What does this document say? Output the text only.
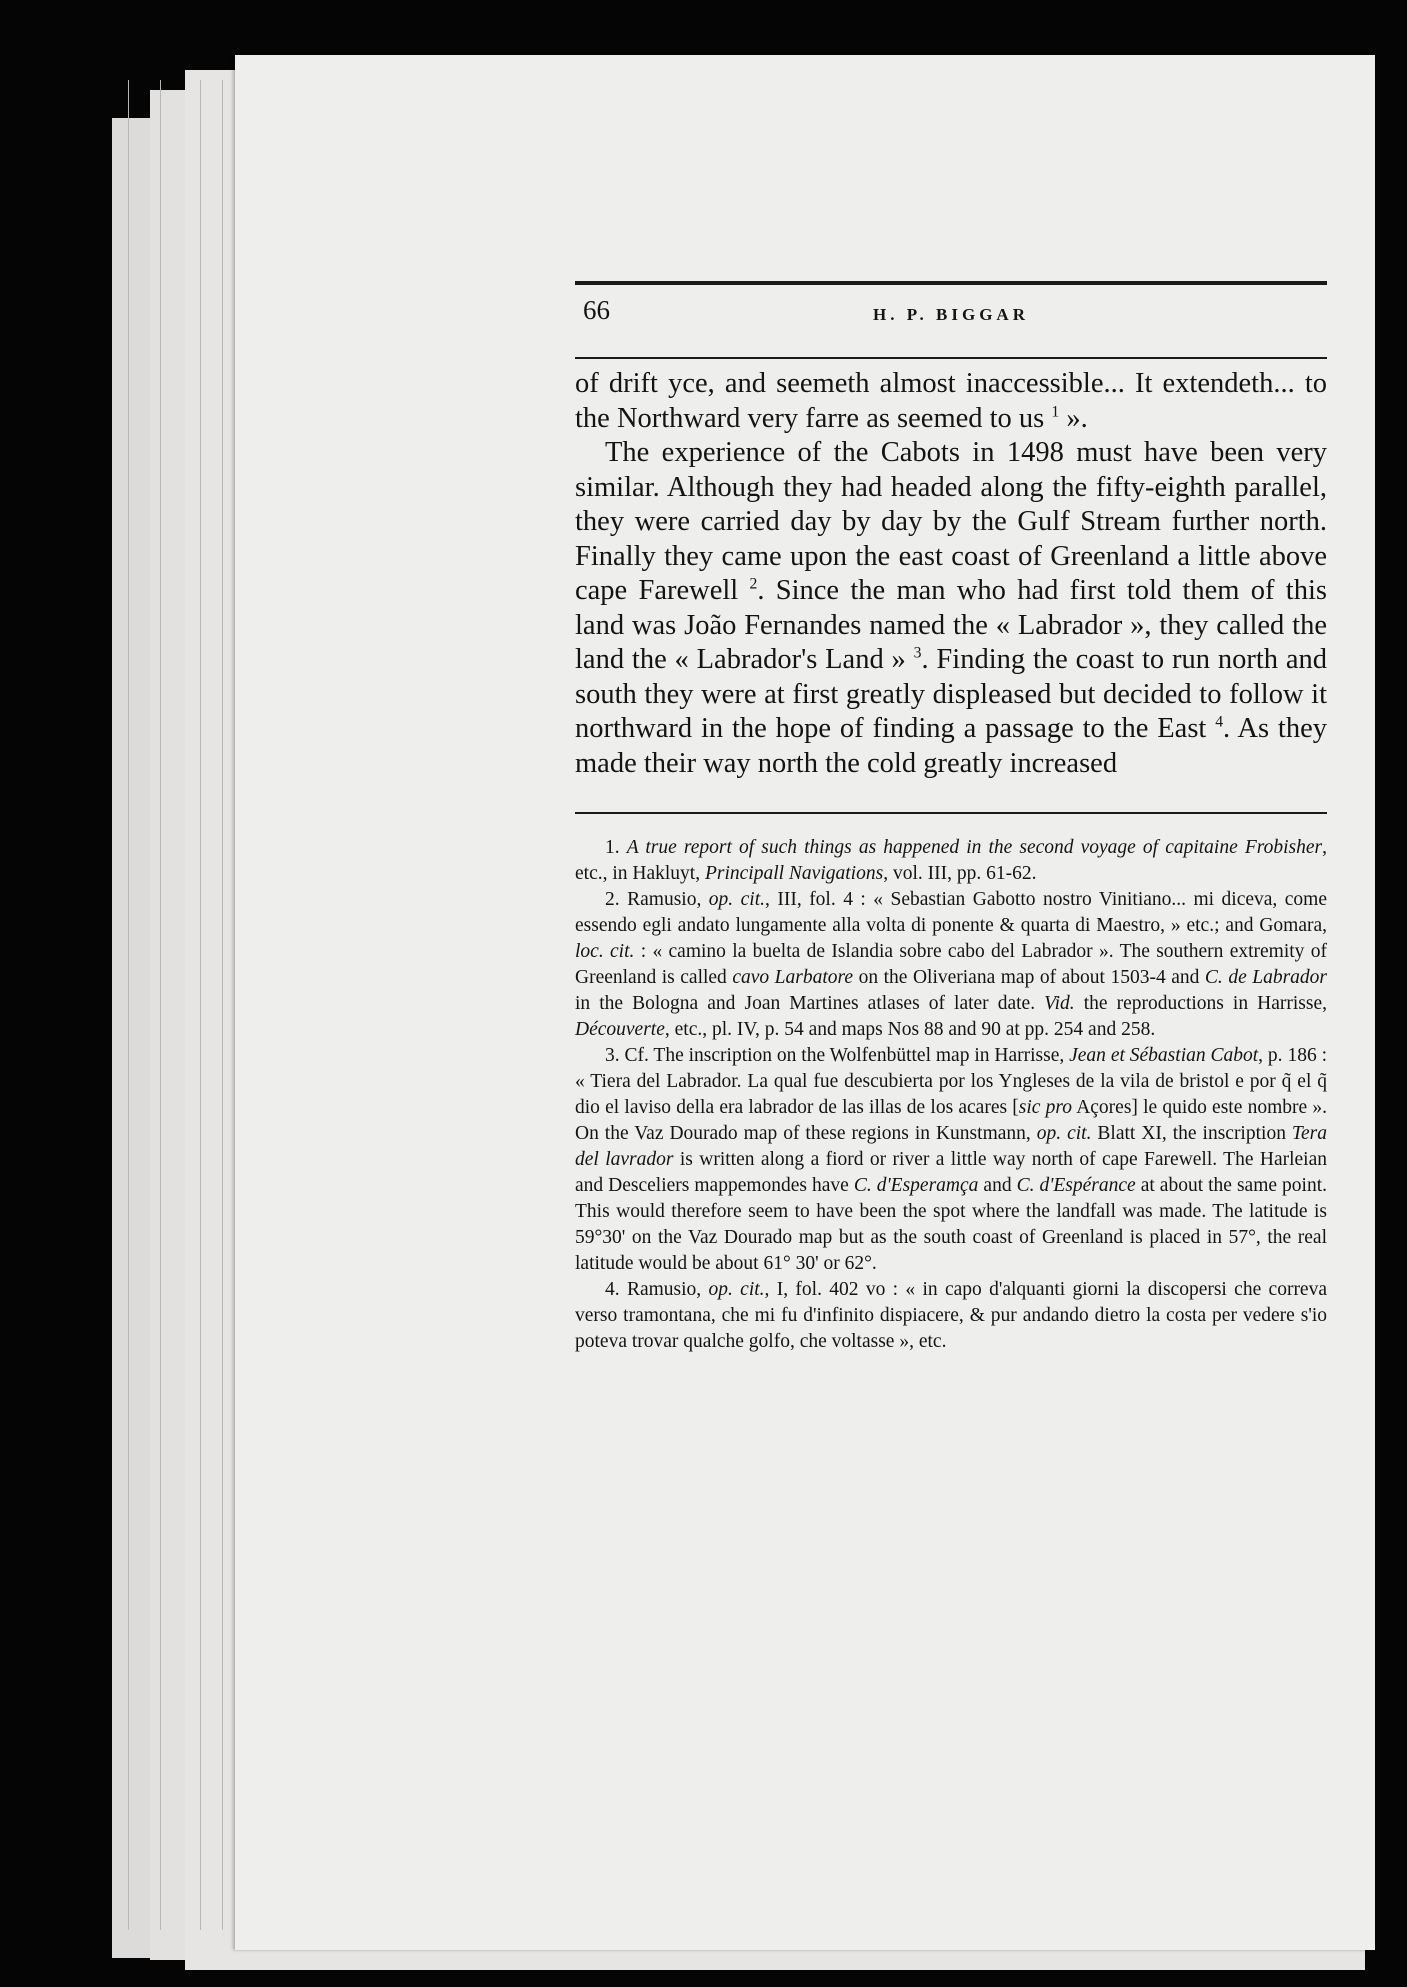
66	H. P. BIGGAR

of drift yce, and seemeth almost inaccessible... It extendeth... to the Northward very farre as seemed to us $^1$ ».

The experience of the Cabots in 1498 must have been very similar. Although they had headed along the fifty-eighth parallel, they were carried day by day by the Gulf Stream further north. Finally they came upon the east coast of Greenland a little above cape Farewell $^2$. Since the man who had first told them of this land was João Fernandes named the « Labrador », they called the land the « Labrador's Land » $^3$. Finding the coast to run north and south they were at first greatly displeased but decided to follow it northward in the hope of finding a passage to the East $^4$. As they made their way north the cold greatly increased

1. A true report of such things as happened in the second voyage of capitaine Frobisher, etc., in Hakluyt, Principall Navigations, vol. III, pp. 61-62.

2. Ramusio, op. cit., III, fol. 4 : « Sebastian Gabotto nostro Vinitiano... mi diceva, come essendo egli andato lungamente alla volta di ponente & quarta di Maestro, » etc.; and Gomara, loc. cit. : « camino la buelta de Islandia sobre cabo del Labrador ». The southern extremity of Greenland is called cavo Larbatore on the Oliveriana map of about 1503-4 and C. de Labrador in the Bologna and Joan Martines atlases of later date. Vid. the reproductions in Harrisse, Découverte, etc., pl. IV, p. 54 and maps Nos 88 and 90 at pp. 254 and 258.

3. Cf. The inscription on the Wolfenbüttel map in Harrisse, Jean et Sébastian Cabot, p. 186 : « Tiera del Labrador. La qual fue descubierta por los Yngleses de la vila de bristol e por q̃ el q̃ dio el laviso della era labrador de las illas de los acares [sic pro Açores] le quido este nombre ». On the Vaz Dourado map of these regions in Kunstmann, op. cit. Blatt XI, the inscription Tera del lavrador is written along a fiord or river a little way north of cape Farewell. The Harleian and Desceliers mappemondes have C. d'Esperamça and C. d'Espérance at about the same point. This would therefore seem to have been the spot where the landfall was made. The latitude is 59°30' on the Vaz Dourado map but as the south coast of Greenland is placed in 57°, the real latitude would be about 61° 30' or 62°.

4. Ramusio, op. cit., I, fol. 402 vo : « in capo d'alquanti giorni la discopersi che correva verso tramontana, che mi fu d'infinito dispiacere, & pur andando dietro la costa per vedere s'io poteva trovar qualche golfo, che voltasse », etc.
